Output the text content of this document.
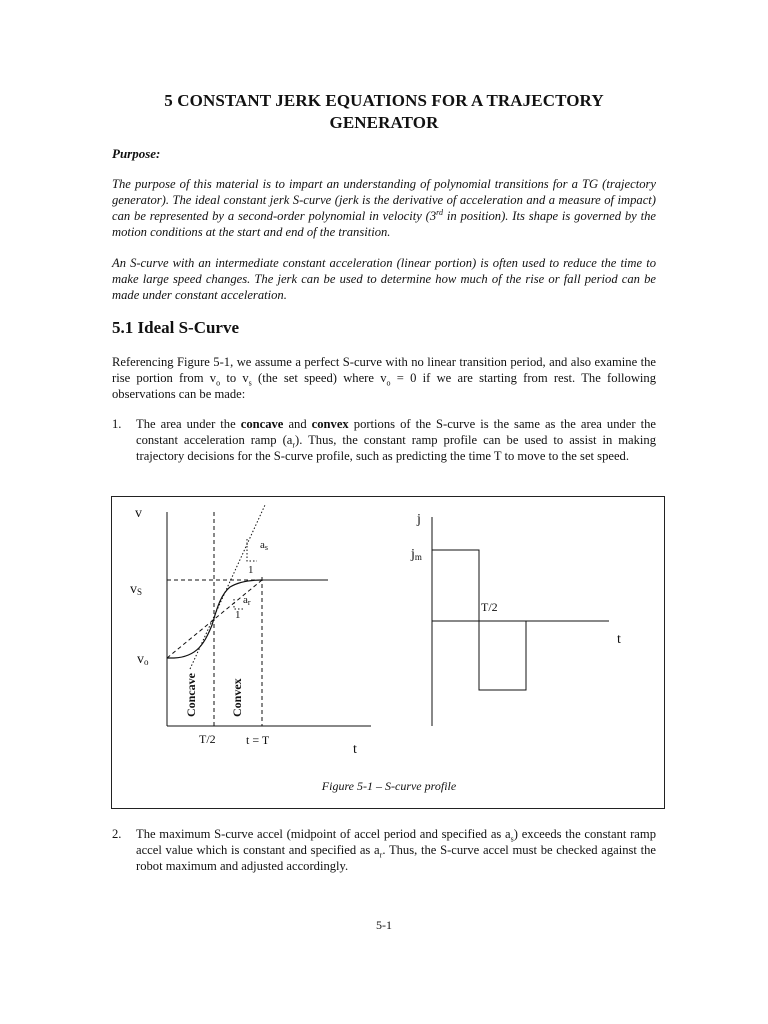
5 CONSTANT JERK EQUATIONS FOR A TRAJECTORY
GENERATOR
Purpose:

The purpose of this material is to impart an understanding of polynomial transitions for a TG (trajectory generator). The ideal constant jerk S-curve (jerk is the derivative of acceleration and a measure of impact) can be represented by a second-order polynomial in velocity (3rd in position). Its shape is governed by the motion conditions at the start and end of the transition.

An S-curve with an intermediate constant acceleration (linear portion) is often used to reduce the time to make large speed changes. The jerk can be used to determine how much of the rise or fall period can be made under constant acceleration.

5.1 Ideal S-Curve

Referencing Figure 5-1, we assume a perfect S-curve with no linear transition period, and also examine the rise portion from $v_o$ to $v_s$ (the set speed) where $v_o = 0$ if we are starting from rest. The following observations can be made:

1. The area under the concave and convex portions of the S-curve is the same as the area under the constant acceleration ramp $(a_r)$. Thus, the constant ramp profile can be used to assist in making trajectory decisions for the S-curve profile, such as predicting the time T to move to the set speed.
v
vS
vo
as
1
ar
1
Concave	Convex
T/2	t = T
t
j
jm
T/2
t
Figure 5-1 – S-curve profile
2. The maximum S-curve accel (midpoint of accel period and specified as $a_s$) exceeds the constant ramp accel value which is constant and specified as $a_r$. Thus, the S-curve accel must be checked against the robot maximum and adjusted accordingly.
5-1
